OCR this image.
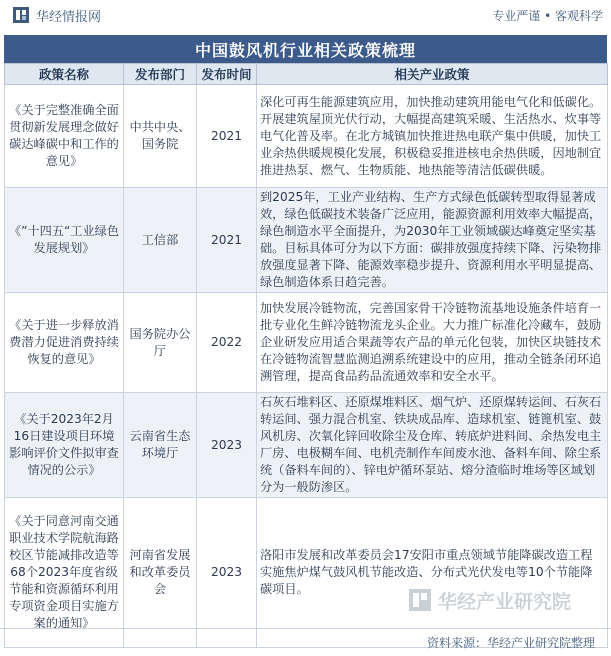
华经情报网	专业严谨 • 客观科学
中国鼓风机行业相关政策梳理
政策名称	发布部门	发布时间	相关产业政策
《关于完整准确全面贯彻新发展理念做好碳达峰碳中和工作的意见》	中共中央、国务院	2021	深化可再生能源建筑应用，加快推动建筑用能电气化和低碳化。开展建筑屋顶光伏行动，大幅提高建筑采暖、生活热水、炊事等电气化普及率。在北方城镇加快推进热电联产集中供暖，加快工业余热供暖规模化发展，积极稳妥推进核电余热供暖，因地制宜推进热泵、燃气、生物质能、地热能等清洁低碳供暖。
《”十四五“工业绿色发展规划》	工信部	2021	到2025年，工业产业结构、生产方式绿色低碳转型取得显著成效，绿色低碳技术装备广泛应用，能源资源利用效率大幅提高，绿色制造水平全面提升，为2030年工业领域碳达峰奠定坚实基础。目标具体可分为以下方面：碳排放强度持续下降、污染物排放强度显著下降、能源效率稳步提升、资源利用水平明显提高、绿色制造体系日趋完善。
《关于进一步释放消费潜力促进消费持续恢复的意见》	国务院办公厅	2022	加快发展冷链物流，完善国家骨干冷链物流基地设施条件培育一批专业化生鲜冷链物流龙头企业。大力推广标准化冷藏车，鼓励企业研发应用适合果蔬等农产品的单元化包装，加快区块链技术在冷链物流智慧监测追溯系统建设中的应用，推动全链条闭环追溯管理，提高食品药品流通效率和安全水平。
《关于2023年2月16日建设项目环境影响评价文件拟审查情况的公示》	云南省生态环境厅	2023	石灰石堆料区、还原煤堆料区、烟气炉、还原煤转运间、石灰石转运间、强力混合机室、铁块成品库、造球机室、链篦机室、鼓风机房、次氧化锌回收除尘及仓库、转底炉进料间、余热发电主厂房、电极糊车间、电机壳制作车间废水池、备料车间、除尘系统（备料车间的）、锌电炉循环泵站、熔分渣临时堆场等区域划分为一般防渗区。
《关于同意河南交通职业技术学院航海路校区节能减排改造等68个2023年度省级节能和资源循环利用专项资金项目实施方案的通知》	河南省发展和改革委员会	2023	洛阳市发展和改革委员会17安阳市重点领域节能降碳改造工程实施焦炉煤气鼓风机节能改造、分布式光伏发电等10个节能降碳项目。
华经产业研究院
资料来源：华经产业研究院整理
